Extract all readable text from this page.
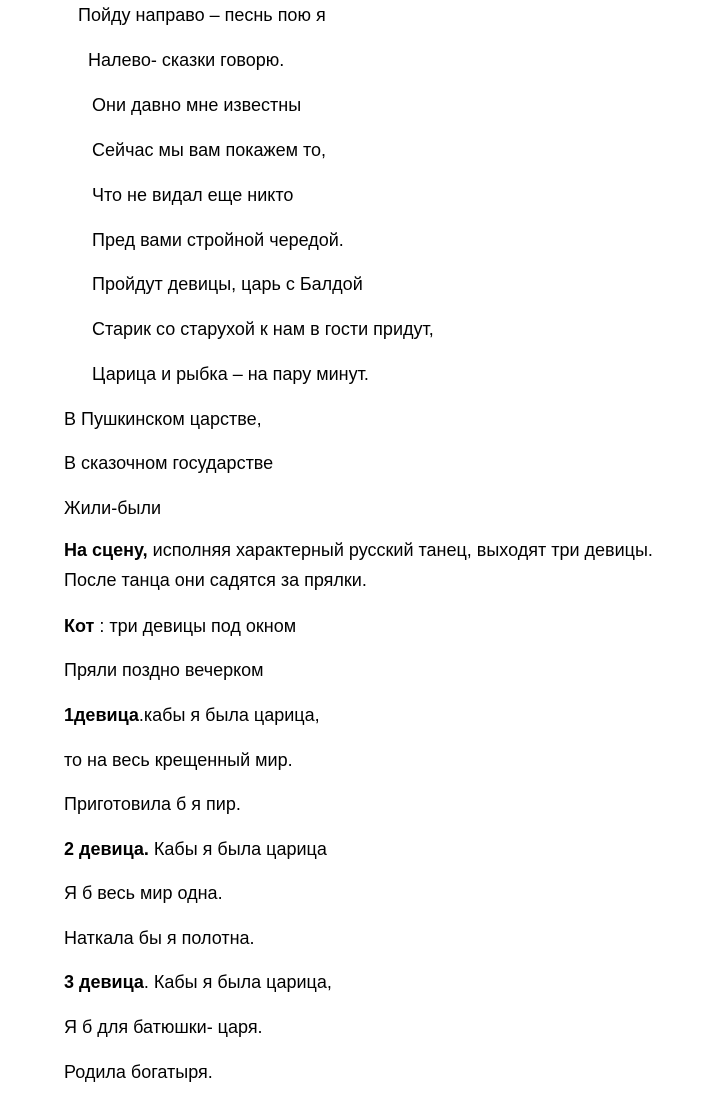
Пойду направо – песнь пою я

Налево- сказки говорю.

Они давно мне известны

Сейчас мы вам покажем то,

Что не видал еще никто

Пред вами стройной чередой.

Пройдут девицы, царь с Балдой

Старик со старухой к нам в гости придут,

Царица и рыбка – на пару минут.

В Пушкинском царстве,

В сказочном государстве

Жили-были

На сцену, исполняя характерный русский танец, выходят три девицы. После танца они садятся за прялки.

Кот : три девицы под окном

Пряли поздно вечерком

1девица.кабы я была царица,

то на весь крещенный мир.

Приготовила б я пир.

2 девица. Кабы я была царица

Я б весь мир одна.

Наткала бы я полотна.

3 девица. Кабы я была царица,

Я б для батюшки- царя.

Родила богатыря.
